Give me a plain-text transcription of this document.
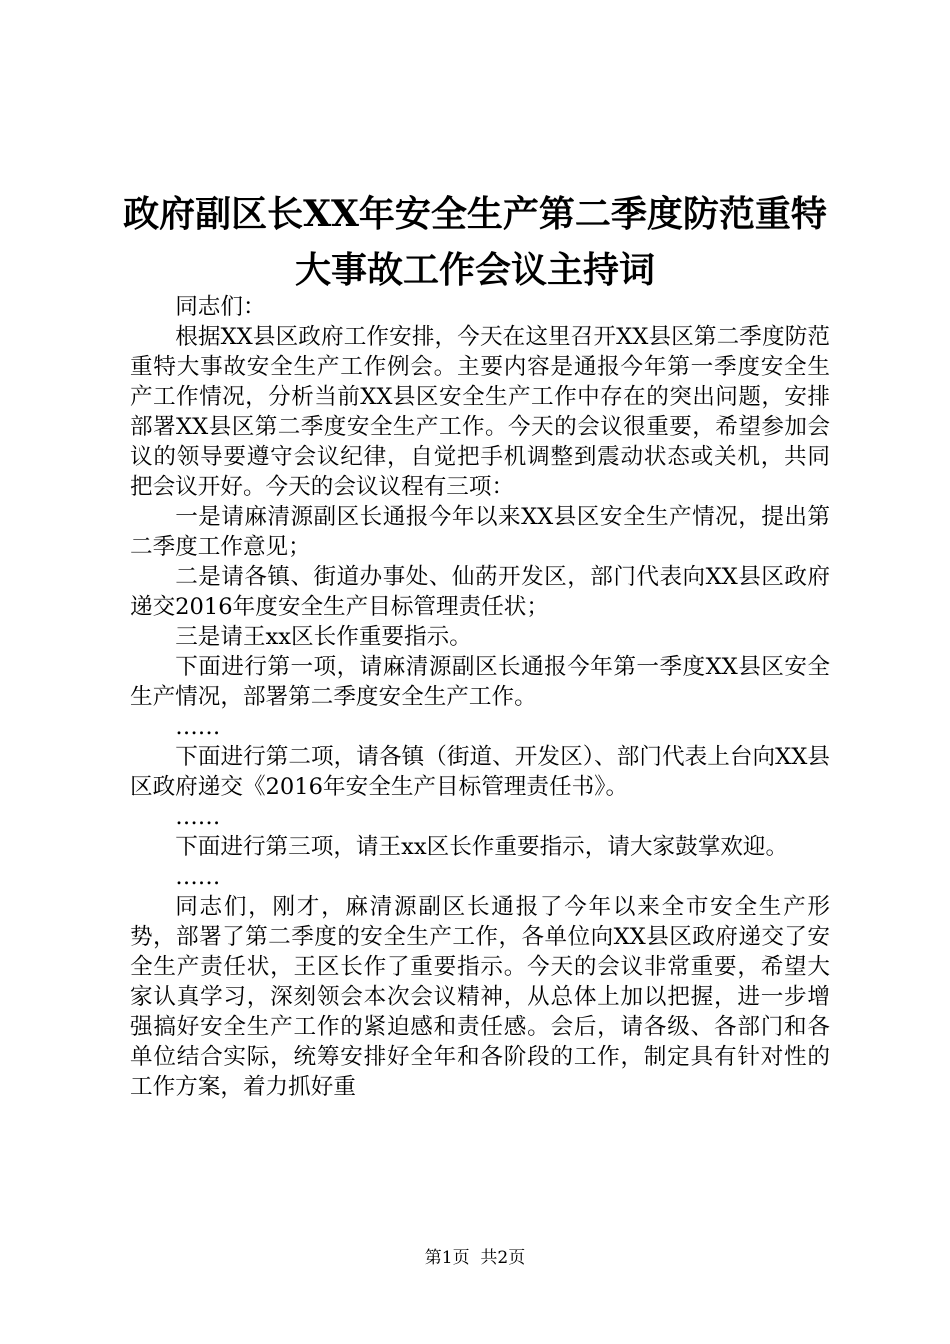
政府副区长XX年安全生产第二季度防范重特
大事故工作会议主持词

同志们：

根据XX县区政府工作安排，今天在这里召开XX县区第二季度防范重特大事故安全生产工作例会。主要内容是通报今年第一季度安全生产工作情况，分析当前XX县区安全生产工作中存在的突出问题，安排部署XX县区第二季度安全生产工作。今天的会议很重要，希望参加会议的领导要遵守会议纪律，自觉把手机调整到震动状态或关机，共同把会议开好。今天的会议议程有三项：

一是请麻清源副区长通报今年以来XX县区安全生产情况，提出第二季度工作意见；

二是请各镇、街道办事处、仙菂开发区，部门代表向XX县区政府递交2016年度安全生产目标管理责任状；

三是请王xx区长作重要指示。

下面进行第一项，请麻清源副区长通报今年第一季度XX县区安全生产情况，部署第二季度安全生产工作。

……

下面进行第二项，请各镇（街道、开发区）、部门代表上台向XX县区政府递交《2016年安全生产目标管理责任书》。

……

下面进行第三项，请王xx区长作重要指示，请大家鼓掌欢迎。

……

同志们，刚才，麻清源副区长通报了今年以来全市安全生产形势，部署了第二季度的安全生产工作，各单位向XX县区政府递交了安全生产责任状，王区长作了重要指示。今天的会议非常重要，希望大家认真学习，深刻领会本次会议精神，从总体上加以把握，进一步增强搞好安全生产工作的紧迫感和责任感。会后，请各级、各部门和各单位结合实际，统筹安排好全年和各阶段的工作，制定具有针对性的工作方案，着力抓好重

第1页  共2页
